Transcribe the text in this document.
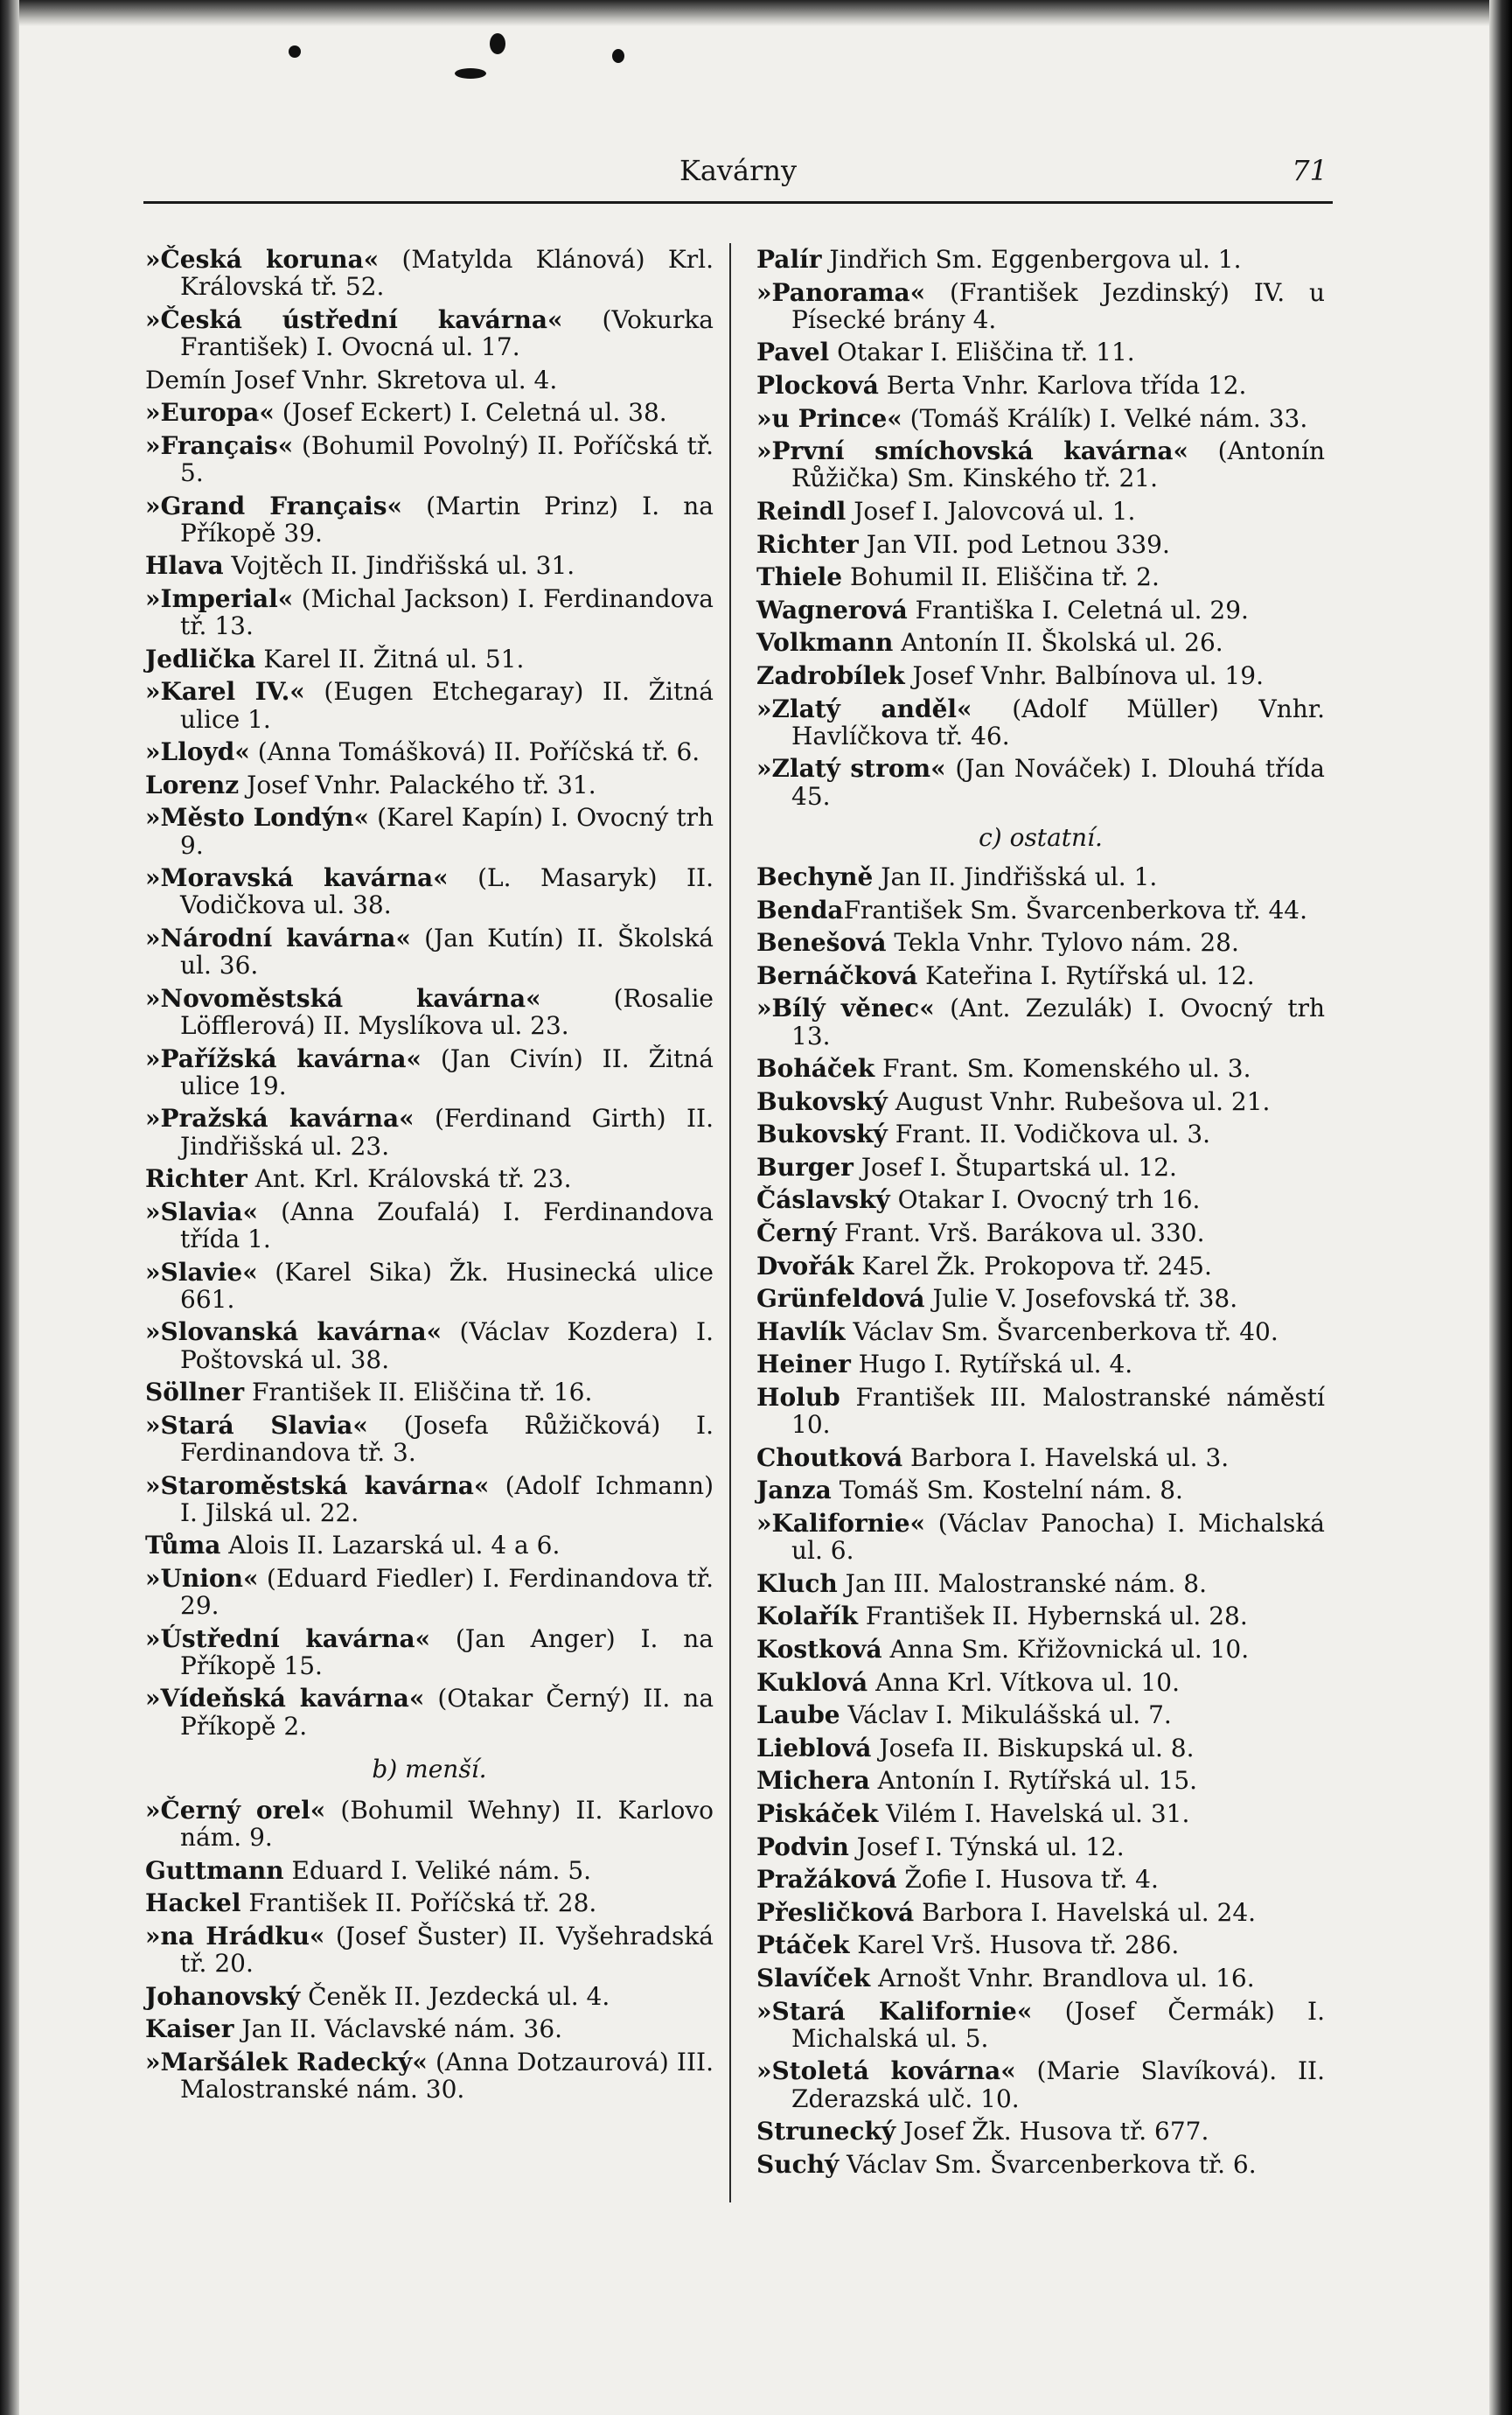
Kavárny	71
»Česká koruna« (Matylda Klánová) Krl. Královská tř. 52.
»Česká ústřední kavárna« (Vokurka František) I. Ovocná ul. 17.
Demín Josef Vnhr. Skretova ul. 4.
»Europa« (Josef Eckert) I. Celetná ul. 38.
»Français« (Bohumil Povolný) II. Poříčská tř. 5.
»Grand Français« (Martin Prinz) I. na Příkopě 39.
Hlava Vojtěch II. Jindřišská ul. 31.
»Imperial« (Michal Jackson) I. Ferdinandova tř. 13.
Jedlička Karel II. Žitná ul. 51.
»Karel IV.« (Eugen Etchegaray) II. Žitná ulice 1.
»Lloyd« (Anna Tomášková) II. Poříčská tř. 6.
Lorenz Josef Vnhr. Palackého tř. 31.
»Město Londýn« (Karel Kapín) I. Ovocný trh 9.
»Moravská kavárna« (L. Masaryk) II. Vodičkova ul. 38.
»Národní kavárna« (Jan Kutín) II. Školská ul. 36.
»Novoměstská kavárna« (Rosalie Löfflerová) II. Myslíkova ul. 23.
»Pařížská kavárna« (Jan Civín) II. Žitná ulice 19.
»Pražská kavárna« (Ferdinand Girth) II. Jindřišská ul. 23.
Richter Ant. Krl. Královská tř. 23.
»Slavia« (Anna Zoufalá) I. Ferdinandova třída 1.
»Slavie« (Karel Sika) Žk. Husinecká ulice 661.
»Slovanská kavárna« (Václav Kozdera) I. Poštovská ul. 38.
Söllner František II. Eliščina tř. 16.
»Stará Slavia« (Josefa Růžičková) I. Ferdinandova tř. 3.
»Staroměstská kavárna« (Adolf Ichmann) I. Jilská ul. 22.
Tůma Alois II. Lazarská ul. 4 a 6.
»Union« (Eduard Fiedler) I. Ferdinandova tř. 29.
»Ústřední kavárna« (Jan Anger) I. na Příkopě 15.
»Vídeňská kavárna« (Otakar Černý) II. na Příkopě 2.
b) menší.
»Černý orel« (Bohumil Wehny) II. Karlovo nám. 9.
Guttmann Eduard I. Veliké nám. 5.
Hackel František II. Poříčská tř. 28.
»na Hrádku« (Josef Šuster) II. Vyšehradská tř. 20.
Johanovský Čeněk II. Jezdecká ul. 4.
Kaiser Jan II. Václavské nám. 36.
»Maršálek Radecký« (Anna Dotzaurová) III. Malostranské nám. 30.
Palír Jindřich Sm. Eggenbergova ul. 1.
»Panorama« (František Jezdinský) IV. u Písecké brány 4.
Pavel Otakar I. Eliščina tř. 11.
Plocková Berta Vnhr. Karlova třída 12.
»u Prince« (Tomáš Králík) I. Velké nám. 33.
»První smíchovská kavárna« (Antonín Růžička) Sm. Kinského tř. 21.
Reindl Josef I. Jalovcová ul. 1.
Richter Jan VII. pod Letnou 339.
Thiele Bohumil II. Eliščina tř. 2.
Wagnerová Františka I. Celetná ul. 29.
Volkmann Antonín II. Školská ul. 26.
Zadrobílek Josef Vnhr. Balbínova ul. 19.
»Zlatý anděl« (Adolf Müller) Vnhr. Havlíčkova tř. 46.
»Zlatý strom« (Jan Nováček) I. Dlouhá třída 45.
c) ostatní.
Bechyně Jan II. Jindřišská ul. 1.
BendaFrantišek Sm. Švarcenberkova tř. 44.
Benešová Tekla Vnhr. Tylovo nám. 28.
Bernáčková Kateřina I. Rytířská ul. 12.
»Bílý věnec« (Ant. Zezulák) I. Ovocný trh 13.
Boháček Frant. Sm. Komenského ul. 3.
Bukovský August Vnhr. Rubešova ul. 21.
Bukovský Frant. II. Vodičkova ul. 3.
Burger Josef I. Štupartská ul. 12.
Čáslavský Otakar I. Ovocný trh 16.
Černý Frant. Vrš. Barákova ul. 330.
Dvořák Karel Žk. Prokopova tř. 245.
Grünfeldová Julie V. Josefovská tř. 38.
Havlík Václav Sm. Švarcenberkova tř. 40.
Heiner Hugo I. Rytířská ul. 4.
Holub František III. Malostranské náměstí 10.
Choutková Barbora I. Havelská ul. 3.
Janza Tomáš Sm. Kostelní nám. 8.
»Kalifornie« (Václav Panocha) I. Michalská ul. 6.
Kluch Jan III. Malostranské nám. 8.
Kolařík František II. Hybernská ul. 28.
Kostková Anna Sm. Křižovnická ul. 10.
Kuklová Anna Krl. Vítkova ul. 10.
Laube Václav I. Mikulášská ul. 7.
Lieblová Josefa II. Biskupská ul. 8.
Michera Antonín I. Rytířská ul. 15.
Piskáček Vilém I. Havelská ul. 31.
Podvin Josef I. Týnská ul. 12.
Pražáková Žofie I. Husova tř. 4.
Přesličková Barbora I. Havelská ul. 24.
Ptáček Karel Vrš. Husova tř. 286.
Slavíček Arnošt Vnhr. Brandlova ul. 16.
»Stará Kalifornie« (Josef Čermák) I. Michalská ul. 5.
»Stoletá kovárna« (Marie Slavíková). II. Zderazská ulč. 10.
Strunecký Josef Žk. Husova tř. 677.
Suchý Václav Sm. Švarcenberkova tř. 6.
